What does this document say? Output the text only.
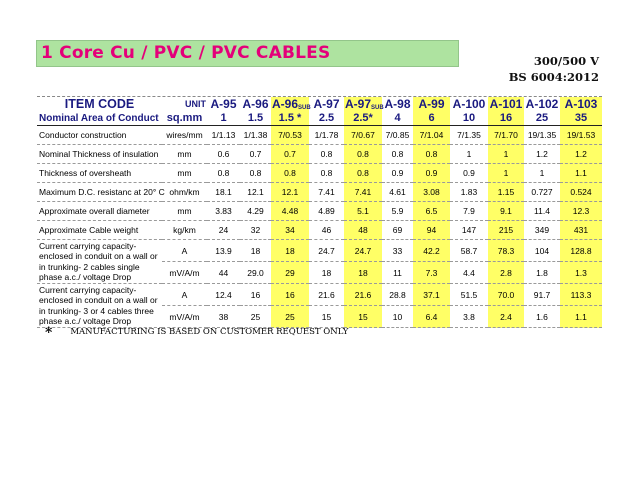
1 Core Cu / PVC / PVC CABLES	300/500 V
BS 6004:2012
ITEM CODE	UNIT	A-95	A-96	$A-96_{SUB}$	A-97	$A-97_{SUB}$	A-98	A-99	A-100	A-101	A-102	A-103
Nominal Area of Conduct	sq.mm	1	1.5	1.5 *	2.5	2.5*	4	6	10	16	25	35
Conductor construction	wires/mm	1/1.13	1/1.38	7/0.53	1/1.78	7/0.67	7/0.85	7/1.04	7/1.35	7/1.70	19/1.35	19/1.53
Nominal Thickness of insulation	mm	0.6	0.7	0.7	0.8	0.8	0.8	0.8	1	1	1.2	1.2
Thickness of oversheath	mm	0.8	0.8	0.8	0.8	0.8	0.9	0.9	0.9	1	1	1.1
Maximum D.C. resistanc at 20° C	ohm/km	18.1	12.1	12.1	7.41	7.41	4.61	3.08	1.83	1.15	0.727	0.524
Approximate overall diameter	mm	3.83	4.29	4.48	4.89	5.1	5.9	6.5	7.9	9.1	11.4	12.3
Approximate Cable weight	kg/km	24	32	34	46	48	69	94	147	215	349	431
Current carrying capacity- enclosed in conduit on a wall or in trunking- 2 cables single phase a.c./ voltage Drop	A	13.9	18	18	24.7	24.7	33	42.2	58.7	78.3	104	128.8
	mV/A/m	44	29.0	29	18	18	11	7.3	4.4	2.8	1.8	1.3
Current carrying capacity- enclosed in conduit on a wall or in trunking- 3 or 4 cables three phase a.c./ voltage Drop	A	12.4	16	16	21.6	21.6	28.8	37.1	51.5	70.0	91.7	113.3
	mV/A/m	38	25	25	15	15	10	6.4	3.8	2.4	1.6	1.1
* MANUFACTURING IS BASED ON CUSTOMER REQUEST ONLY
